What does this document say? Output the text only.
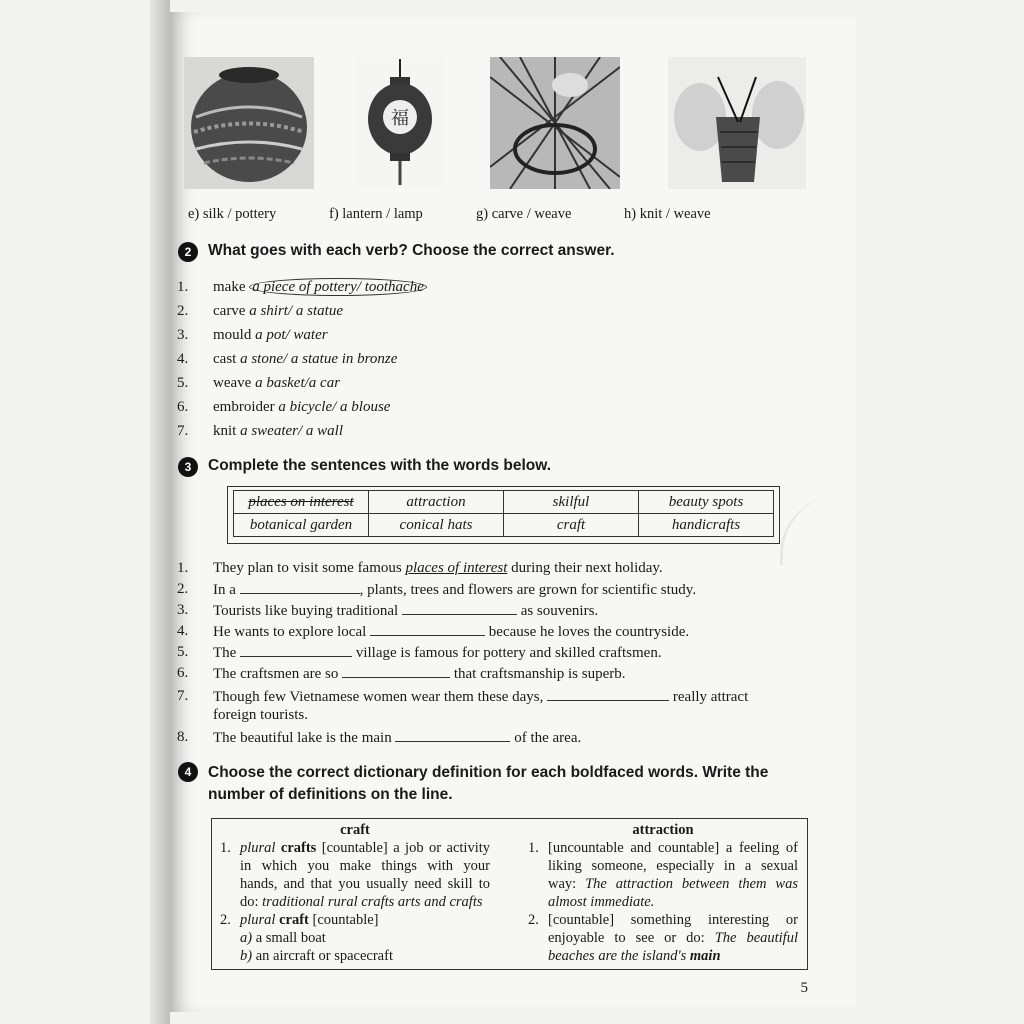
福
e) silk / pottery	f) lantern / lamp	g) carve / weave	h) knit / weave
2	What goes with each verb? Choose the correct answer.
1. make a piece of pottery/ toothache
2. carve a shirt/ a statue
3. mould a pot/ water
4. cast a stone/ a statue in bronze
5. weave a basket/a car
6. embroider a bicycle/ a blouse
7. knit a sweater/ a wall
3	Complete the sentences with the words below.
places on interest	attraction	skilful	beauty spots
botanical garden	conical hats	craft	handicrafts
1. They plan to visit some famous places of interest during their next holiday.
2. In a	, plants, trees and flowers are grown for scientific study.
3. Tourists like buying traditional	as souvenirs.
4. He wants to explore local	because he loves the countryside.
5. The	village is famous for pottery and skilled craftsmen.
6. The craftsmen are so	that craftsmanship is superb.
7. Though few Vietnamese women wear them these days,	really attract
foreign tourists.
8. The beautiful lake is the main	of the area.
4	Choose the correct dictionary definition for each boldfaced words. Write the
number of definitions on the line.
craft
1. plural crafts [countable] a job or activity in which you make things with your hands, and that you usually need skill to do: traditional rural crafts arts and crafts
2. plural craft [countable]
a) a small boat
b) an aircraft or spacecraft
attraction
1. [uncountable and countable] a feeling of liking someone, especially in a sexual way: The attraction between them was almost immediate.
2. [countable] something interesting or enjoyable to see or do: The beautiful beaches are the island's main
5
